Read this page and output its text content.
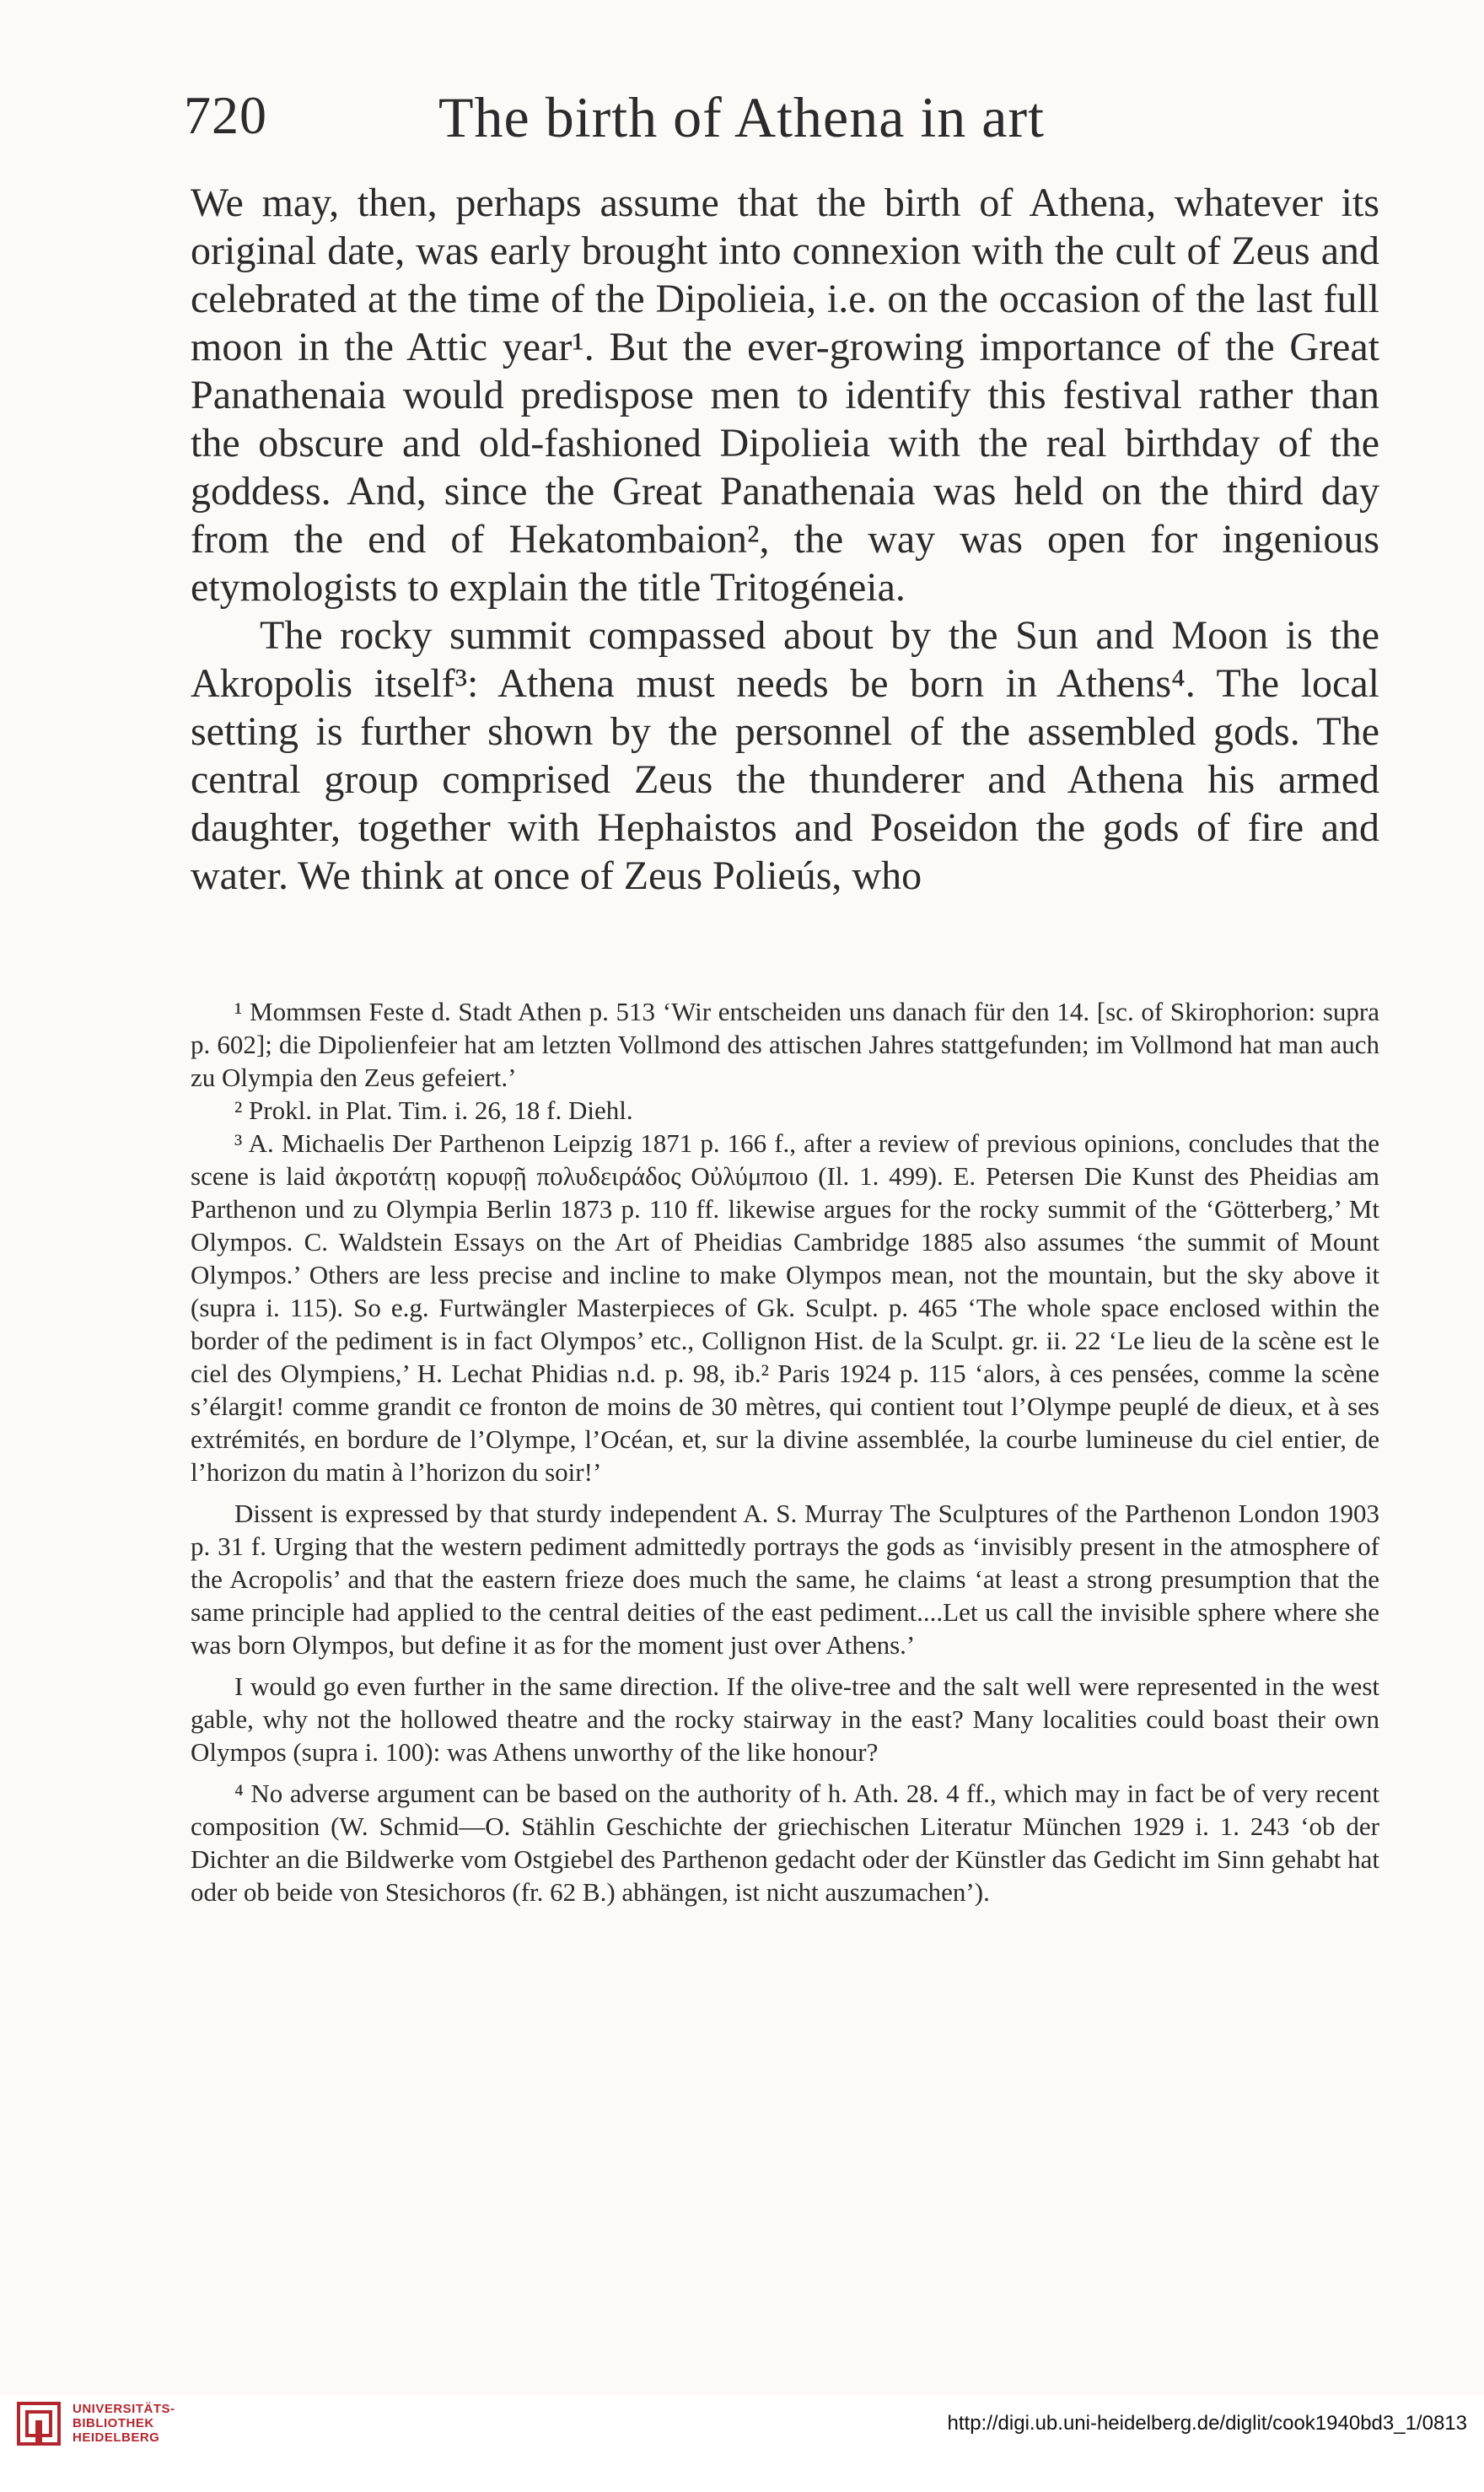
720	The birth of Athena in art

We may, then, perhaps assume that the birth of Athena, whatever its original date, was early brought into connexion with the cult of Zeus and celebrated at the time of the Dipolieia, i.e. on the occasion of the last full moon in the Attic year¹. But the ever-growing importance of the Great Panathenaia would predispose men to identify this festival rather than the obscure and old-fashioned Dipolieia with the real birthday of the goddess. And, since the Great Panathenaia was held on the third day from the end of Hekatombaion², the way was open for ingenious etymologists to explain the title Tritogéneia.

The rocky summit compassed about by the Sun and Moon is the Akropolis itself³: Athena must needs be born in Athens⁴. The local setting is further shown by the personnel of the assembled gods. The central group comprised Zeus the thunderer and Athena his armed daughter, together with Hephaistos and Poseidon the gods of fire and water. We think at once of Zeus Polieús, who

¹ Mommsen Feste d. Stadt Athen p. 513 ‘Wir entscheiden uns danach für den 14. [sc. of Skirophorion: supra p. 602]; die Dipolienfeier hat am letzten Vollmond des attischen Jahres stattgefunden; im Vollmond hat man auch zu Olympia den Zeus gefeiert.’

² Prokl. in Plat. Tim. i. 26, 18 f. Diehl.

³ A. Michaelis Der Parthenon Leipzig 1871 p. 166 f., after a review of previous opinions, concludes that the scene is laid ἀκροτάτῃ κορυφῇ πολυδειράδος Οὐλύμποιο (Il. 1. 499). E. Petersen Die Kunst des Pheidias am Parthenon und zu Olympia Berlin 1873 p. 110 ff. likewise argues for the rocky summit of the ‘Götterberg,’ Mt Olympos. C. Waldstein Essays on the Art of Pheidias Cambridge 1885 also assumes ‘the summit of Mount Olympos.’ Others are less precise and incline to make Olympos mean, not the mountain, but the sky above it (supra i. 115). So e.g. Furtwängler Masterpieces of Gk. Sculpt. p. 465 ‘The whole space enclosed within the border of the pediment is in fact Olympos’ etc., Collignon Hist. de la Sculpt. gr. ii. 22 ‘Le lieu de la scène est le ciel des Olympiens,’ H. Lechat Phidias n.d. p. 98, ib.² Paris 1924 p. 115 ‘alors, à ces pensées, comme la scène s’élargit! comme grandit ce fronton de moins de 30 mètres, qui contient tout l’Olympe peuplé de dieux, et à ses extrémités, en bordure de l’Olympe, l’Océan, et, sur la divine assemblée, la courbe lumineuse du ciel entier, de l’horizon du matin à l’horizon du soir!’

Dissent is expressed by that sturdy independent A. S. Murray The Sculptures of the Parthenon London 1903 p. 31 f. Urging that the western pediment admittedly portrays the gods as ‘invisibly present in the atmosphere of the Acropolis’ and that the eastern frieze does much the same, he claims ‘at least a strong presumption that the same principle had applied to the central deities of the east pediment....Let us call the invisible sphere where she was born Olympos, but define it as for the moment just over Athens.’

I would go even further in the same direction. If the olive-tree and the salt well were represented in the west gable, why not the hollowed theatre and the rocky stairway in the east? Many localities could boast their own Olympos (supra i. 100): was Athens unworthy of the like honour?

⁴ No adverse argument can be based on the authority of h. Ath. 28. 4 ff., which may in fact be of very recent composition (W. Schmid—O. Stählin Geschichte der griechischen Literatur München 1929 i. 1. 243 ‘ob der Dichter an die Bildwerke vom Ostgiebel des Parthenon gedacht oder der Künstler das Gedicht im Sinn gehabt hat oder ob beide von Stesichoros (fr. 62 B.) abhängen, ist nicht auszumachen’).

UNIVERSITÄTS-
BIBLIOTHEK
HEIDELBERG
http://digi.ub.uni-heidelberg.de/diglit/cook1940bd3_1/0813
